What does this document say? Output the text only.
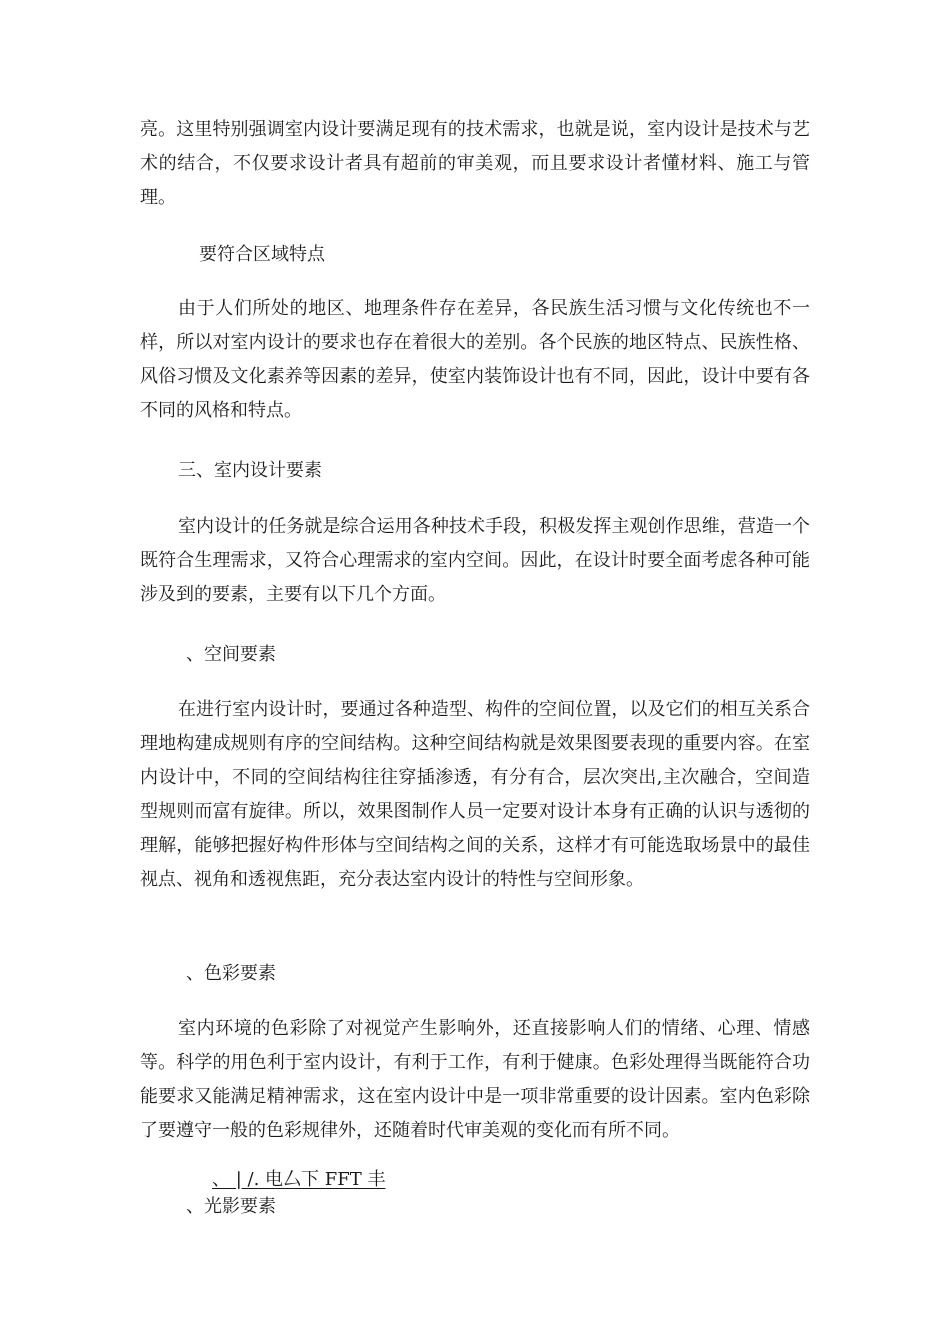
亮。这里特别强调室内设计要满足现有的技术需求，也就是说，室内设计是技术与艺术的结合，不仅要求设计者具有超前的审美观，而且要求设计者懂材料、施工与管理。

要符合区域特点

由于人们所处的地区、地理条件存在差异，各民族生活习惯与文化传统也不一样，所以对室内设计的要求也存在着很大的差别。各个民族的地区特点、民族性格、风俗习惯及文化素养等因素的差异，使室内装饰设计也有不同，因此，设计中要有各不同的风格和特点。

三、室内设计要素

室内设计的任务就是综合运用各种技术手段，积极发挥主观创作思维，营造一个既符合生理需求，又符合心理需求的室内空间。因此，在设计时要全面考虑各种可能涉及到的要素，主要有以下几个方面。

、空间要素

在进行室内设计时，要通过各种造型、构件的空间位置，以及它们的相互关系合理地构建成规则有序的空间结构。这种空间结构就是效果图要表现的重要内容。在室内设计中，不同的空间结构往往穿插渗透，有分有合，层次突出,主次融合，空间造型规则而富有旋律。所以，效果图制作人员一定要对设计本身有正确的认识与透彻的理解，能够把握好构件形体与空间结构之间的关系，这样才有可能选取场景中的最佳视点、视角和透视焦距，充分表达室内设计的特性与空间形象。

、色彩要素

室内环境的色彩除了对视觉产生影响外，还直接影响人们的情绪、心理、情感等。科学的用色利于室内设计，有利于工作，有利于健康。色彩处理得当既能符合功能要求又能满足精神需求，这在室内设计中是一项非常重要的设计因素。室内色彩除了要遵守一般的色彩规律外，还随着时代审美观的变化而有所不同。

、 | /. 电厶下 FFT 丰

、光影要素
